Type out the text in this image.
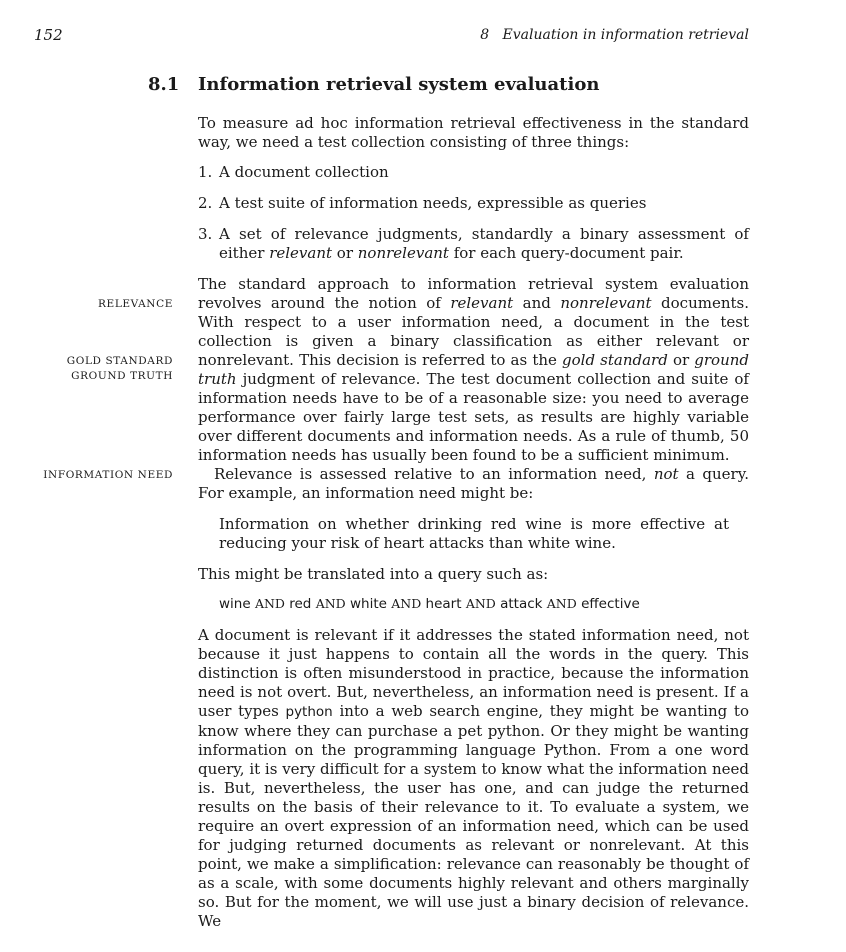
152	8   Evaluation in information retrieval
8.1 Information retrieval system evaluation
To measure ad hoc information retrieval effectiveness in the standard way, we need a test collection consisting of three things:
1. A document collection
2. A test suite of information needs, expressible as queries
3. A set of relevance judgments, standardly a binary assessment of either relevant or nonrelevant for each query-document pair.
RELEVANCE
GOLD STANDARD
GROUND TRUTH
INFORMATION NEED
The standard approach to information retrieval system evaluation revolves around the notion of relevant and nonrelevant documents. With respect to a user information need, a document in the test collection is given a binary classification as either relevant or nonrelevant. This decision is referred to as the gold standard or ground truth judgment of relevance. The test document collection and suite of information needs have to be of a reasonable size: you need to average performance over fairly large test sets, as results are highly variable over different documents and information needs. As a rule of thumb, 50 information needs has usually been found to be a sufficient minimum.
Relevance is assessed relative to an information need, not a query. For example, an information need might be:
Information on whether drinking red wine is more effective at reducing your risk of heart attacks than white wine.
This might be translated into a query such as:
wine AND red AND white AND heart AND attack AND effective
A document is relevant if it addresses the stated information need, not because it just happens to contain all the words in the query. This distinction is often misunderstood in practice, because the information need is not overt. But, nevertheless, an information need is present. If a user types python into a web search engine, they might be wanting to know where they can purchase a pet python. Or they might be wanting information on the programming language Python. From a one word query, it is very difficult for a system to know what the information need is. But, nevertheless, the user has one, and can judge the returned results on the basis of their relevance to it. To evaluate a system, we require an overt expression of an information need, which can be used for judging returned documents as relevant or nonrelevant. At this point, we make a simplification: relevance can reasonably be thought of as a scale, with some documents highly relevant and others marginally so. But for the moment, we will use just a binary decision of relevance. We
